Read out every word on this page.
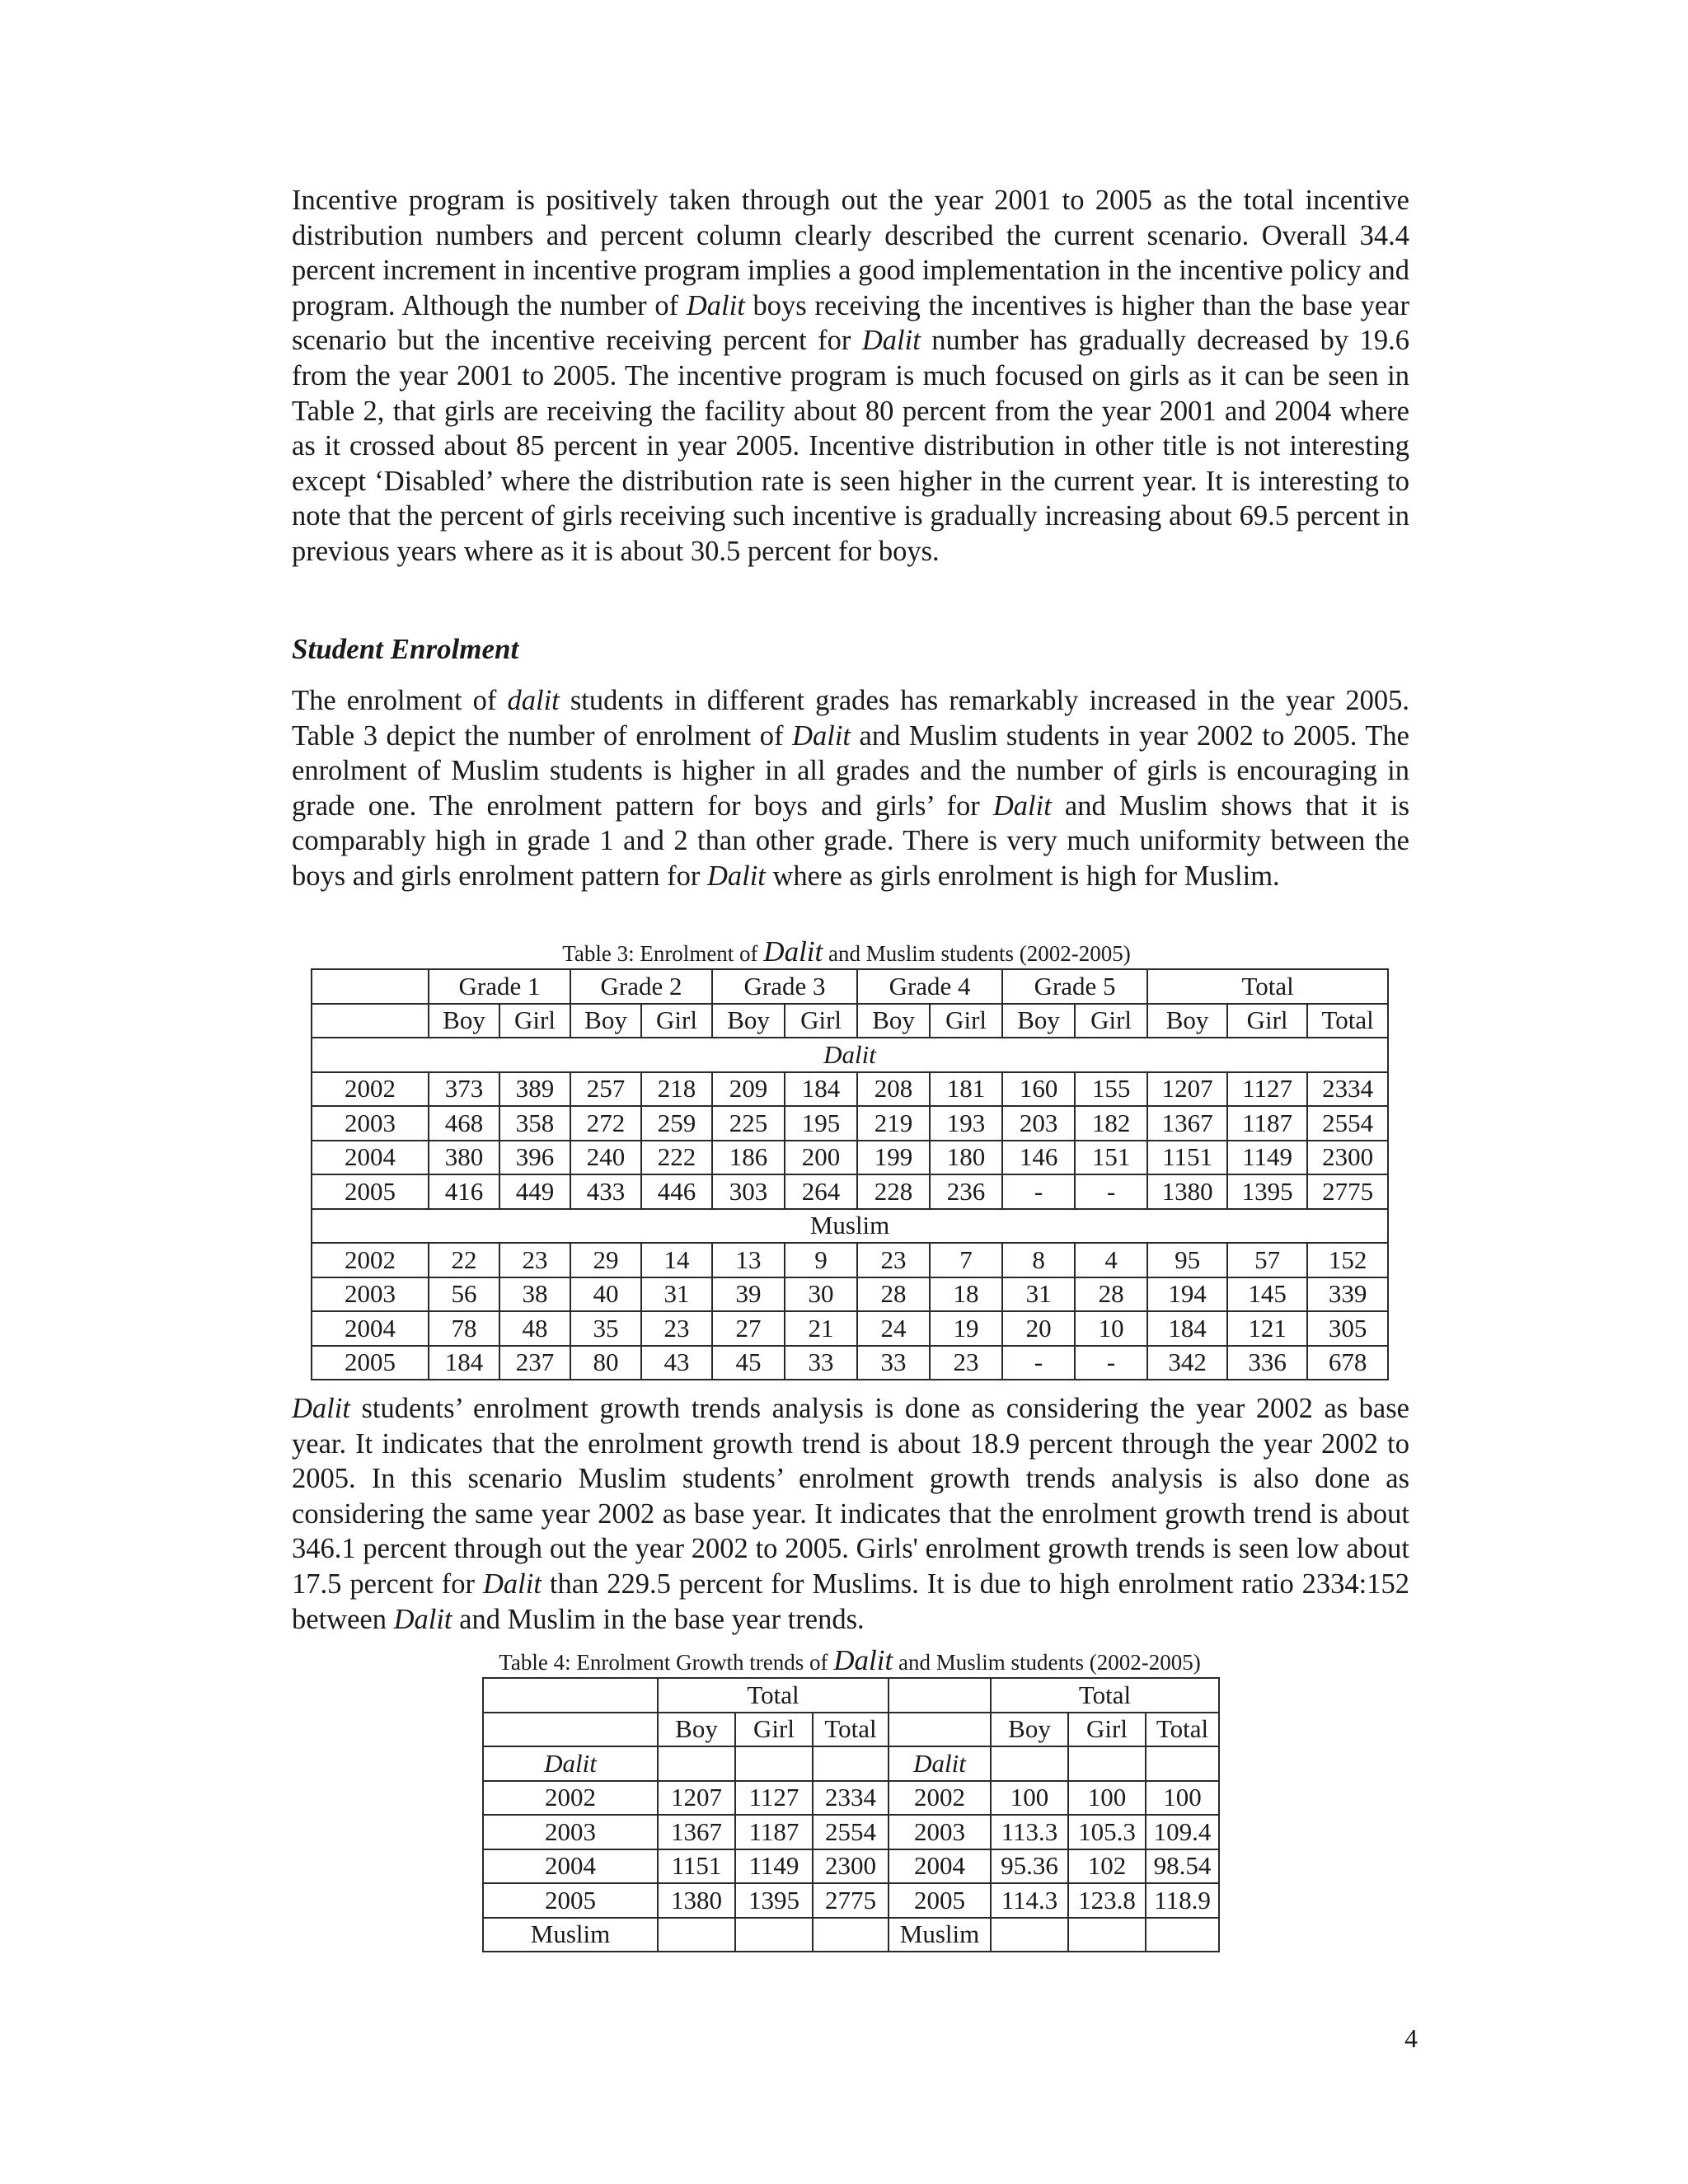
Incentive program is positively taken through out the year 2001 to 2005 as the total incentive distribution numbers and percent column clearly described the current scenario. Overall 34.4 percent increment in incentive program implies a good implementation in the incentive policy and program. Although the number of Dalit boys receiving the incentives is higher than the base year scenario but the incentive receiving percent for Dalit number has gradually decreased by 19.6 from the year 2001 to 2005. The incentive program is much focused on girls as it can be seen in Table 2, that girls are receiving the facility about 80 percent from the year 2001 and 2004 where as it crossed about 85 percent in year 2005. Incentive distribution in other title is not interesting except ‘Disabled’ where the distribution rate is seen higher in the current year. It is interesting to note that the percent of girls receiving such incentive is gradually increasing about 69.5 percent in previous years where as it is about 30.5 percent for boys.

Student Enrolment

The enrolment of dalit students in different grades has remarkably increased in the year 2005. Table 3 depict the number of enrolment of Dalit and Muslim students in year 2002 to 2005. The enrolment of Muslim students is higher in all grades and the number of girls is encouraging in grade one. The enrolment pattern for boys and girls’ for Dalit and Muslim shows that it is comparably high in grade 1 and 2 than other grade. There is very much uniformity between the boys and girls enrolment pattern for Dalit where as girls enrolment is high for Muslim.

Table 3: Enrolment of Dalit and Muslim students (2002-2005)

	Grade 1		Grade 2		Grade 3		Grade 4		Grade 5		Total		
	Boy	Girl	Boy	Girl	Boy	Girl	Boy	Girl	Boy	Girl	Boy	Girl	Total
Dalit													
2002	373	389	257	218	209	184	208	181	160	155	1207	1127	2334
2003	468	358	272	259	225	195	219	193	203	182	1367	1187	2554
2004	380	396	240	222	186	200	199	180	146	151	1151	1149	2300
2005	416	449	433	446	303	264	228	236	-	-	1380	1395	2775
Muslim													
2002	22	23	29	14	13	9	23	7	8	4	95	57	152
2003	56	38	40	31	39	30	28	18	31	28	194	145	339
2004	78	48	35	23	27	21	24	19	20	10	184	121	305
2005	184	237	80	43	45	33	33	23	-	-	342	336	678

Dalit students’ enrolment growth trends analysis is done as considering the year 2002 as base year. It indicates that the enrolment growth trend is about 18.9 percent through the year 2002 to 2005. In this scenario Muslim students’ enrolment growth trends analysis is also done as considering the same year 2002 as base year. It indicates that the enrolment growth trend is about 346.1 percent through out the year 2002 to 2005. Girls' enrolment growth trends is seen low about 17.5 percent for Dalit than 229.5 percent for Muslims. It is due to high enrolment ratio 2334:152 between Dalit and Muslim in the base year trends.

Table 4: Enrolment Growth trends of Dalit and Muslim students (2002-2005)

	Total				Total		
	Boy	Girl	Total		Boy	Girl	Total
Dalit				Dalit			
2002	1207	1127	2334	2002	100	100	100
2003	1367	1187	2554	2003	113.3	105.3	109.4
2004	1151	1149	2300	2004	95.36	102	98.54
2005	1380	1395	2775	2005	114.3	123.8	118.9
Muslim				Muslim			
4
